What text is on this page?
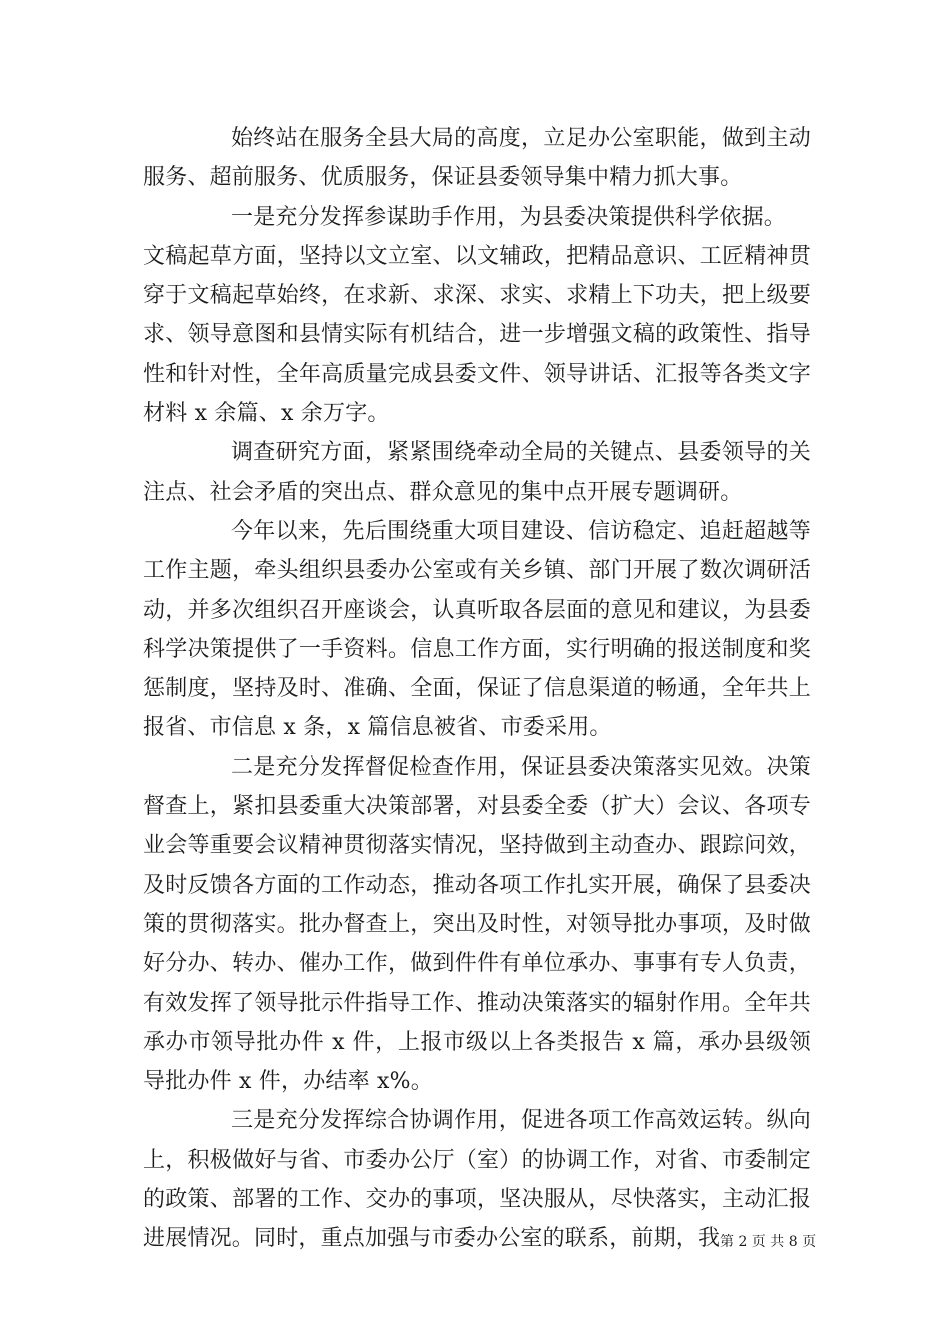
始终站在服务全县大局的高度，立足办公室职能，做到主动服务、超前服务、优质服务，保证县委领导集中精力抓大事。

一是充分发挥参谋助手作用，为县委决策提供科学依据。

文稿起草方面，坚持以文立室、以文辅政，把精品意识、工匠精神贯穿于文稿起草始终，在求新、求深、求实、求精上下功夫，把上级要求、领导意图和县情实际有机结合，进一步增强文稿的政策性、指导性和针对性，全年高质量完成县委文件、领导讲话、汇报等各类文字材料 x 余篇、x 余万字。

调查研究方面，紧紧围绕牵动全局的关键点、县委领导的关注点、社会矛盾的突出点、群众意见的集中点开展专题调研。

今年以来，先后围绕重大项目建设、信访稳定、追赶超越等工作主题，牵头组织县委办公室或有关乡镇、部门开展了数次调研活动，并多次组织召开座谈会，认真听取各层面的意见和建议，为县委科学决策提供了一手资料。信息工作方面，实行明确的报送制度和奖惩制度，坚持及时、准确、全面，保证了信息渠道的畅通，全年共上报省、市信息 x 条，x 篇信息被省、市委采用。

二是充分发挥督促检查作用，保证县委决策落实见效。决策督查上，紧扣县委重大决策部署，对县委全委（扩大）会议、各项专业会等重要会议精神贯彻落实情况，坚持做到主动查办、跟踪问效，及时反馈各方面的工作动态，推动各项工作扎实开展，确保了县委决策的贯彻落实。批办督查上，突出及时性，对领导批办事项，及时做好分办、转办、催办工作，做到件件有单位承办、事事有专人负责，有效发挥了领导批示件指导工作、推动决策落实的辐射作用。全年共承办市领导批办件 x 件，上报市级以上各类报告 x 篇，承办县级领导批办件 x 件，办结率 x%。

三是充分发挥综合协调作用，促进各项工作高效运转。纵向上，积极做好与省、市委办公厅（室）的协调工作，对省、市委制定的政策、部署的工作、交办的事项，坚决服从，尽快落实，主动汇报进展情况。同时，重点加强与市委办公室的联系，前期，我 第 2 页 共 8 页
